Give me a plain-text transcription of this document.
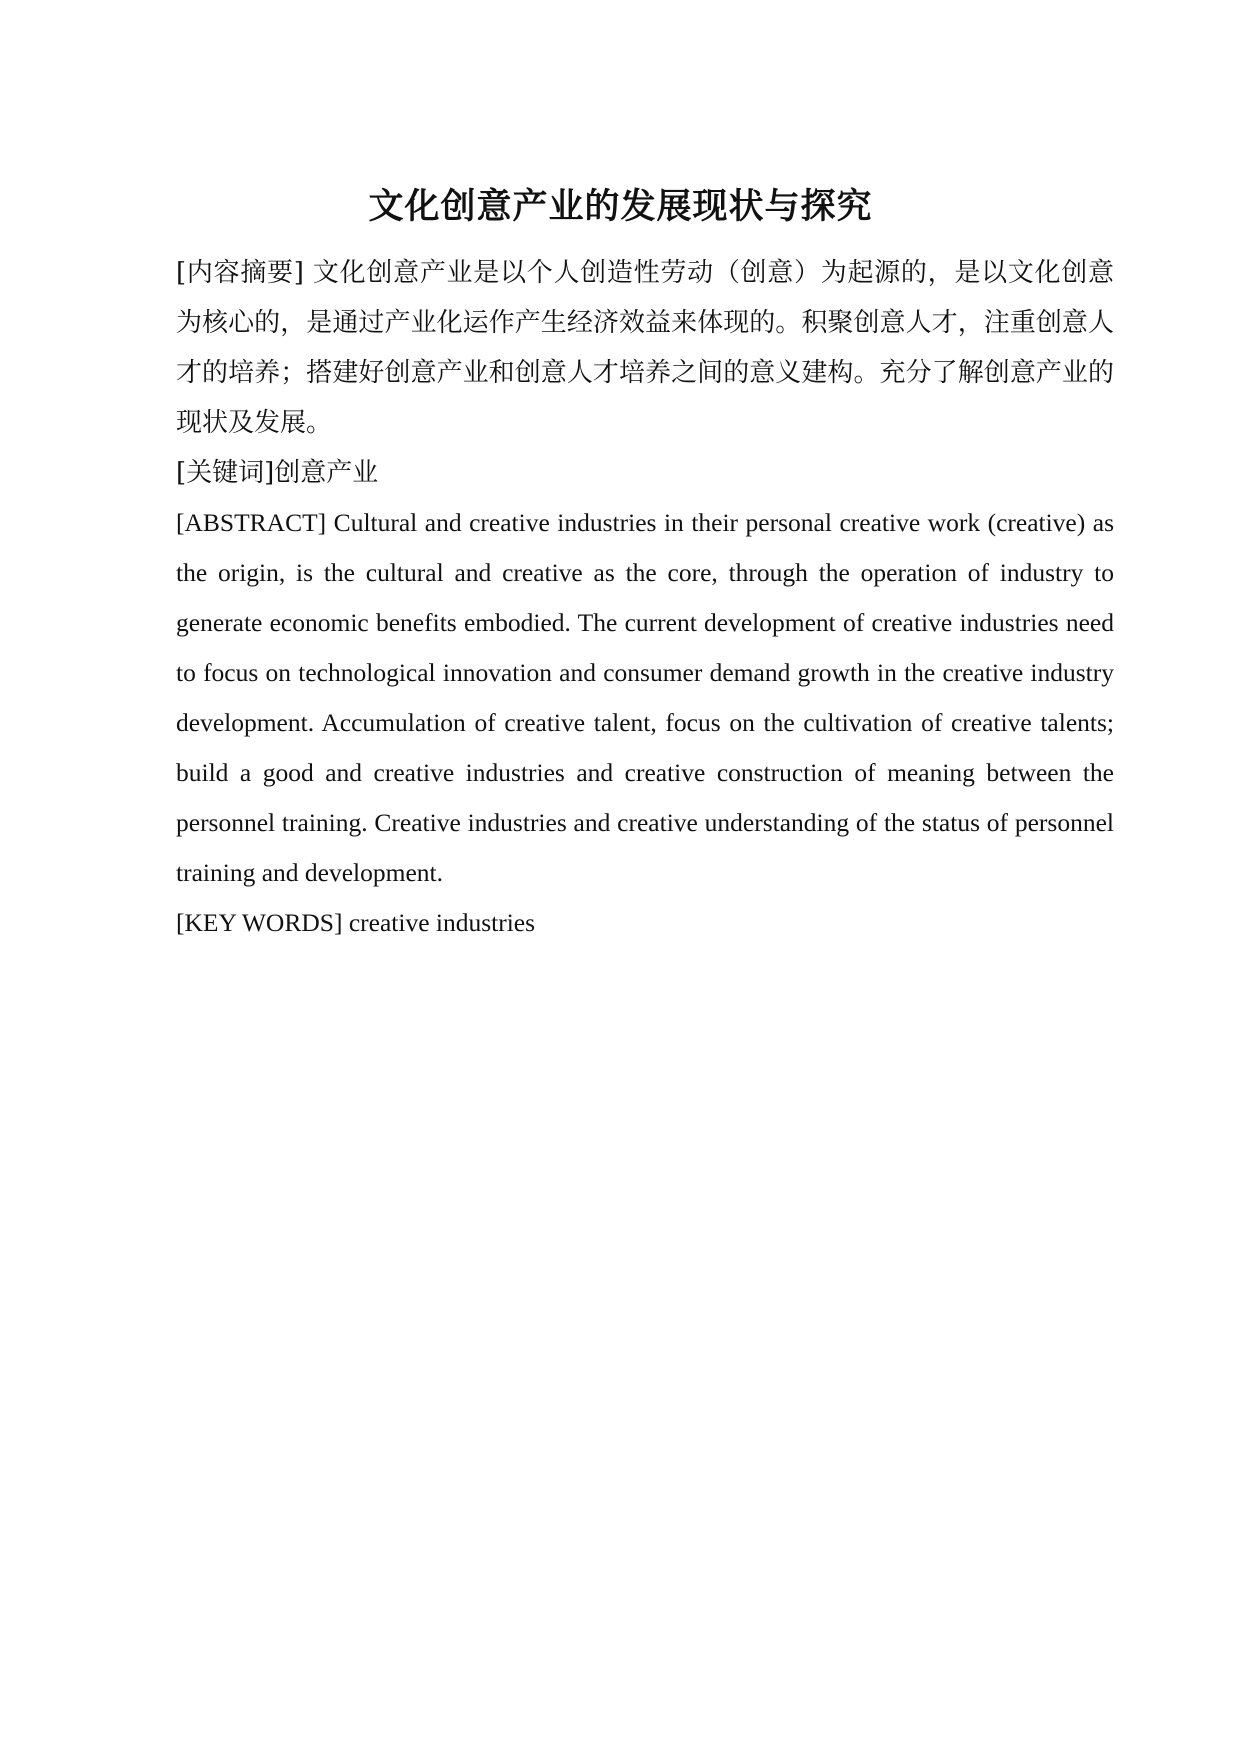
文化创意产业的发展现状与探究

[内容摘要] 文化创意产业是以个人创造性劳动（创意）为起源的，是以文化创意为核心的，是通过产业化运作产生经济效益来体现的。积聚创意人才，注重创意人才的培养；搭建好创意产业和创意人才培养之间的意义建构。充分了解创意产业的现状及发展。

[关键词]创意产业

[ABSTRACT] Cultural and creative industries in their personal creative work (creative) as the origin, is the cultural and creative as the core, through the operation of industry to generate economic benefits embodied. The current development of creative industries need to focus on technological innovation and consumer demand growth in the creative industry development. Accumulation of creative talent, focus on the cultivation of creative talents; build a good and creative industries and creative construction of meaning between the personnel training. Creative industries and creative understanding of the status of personnel training and development.

[KEY WORDS] creative industries
